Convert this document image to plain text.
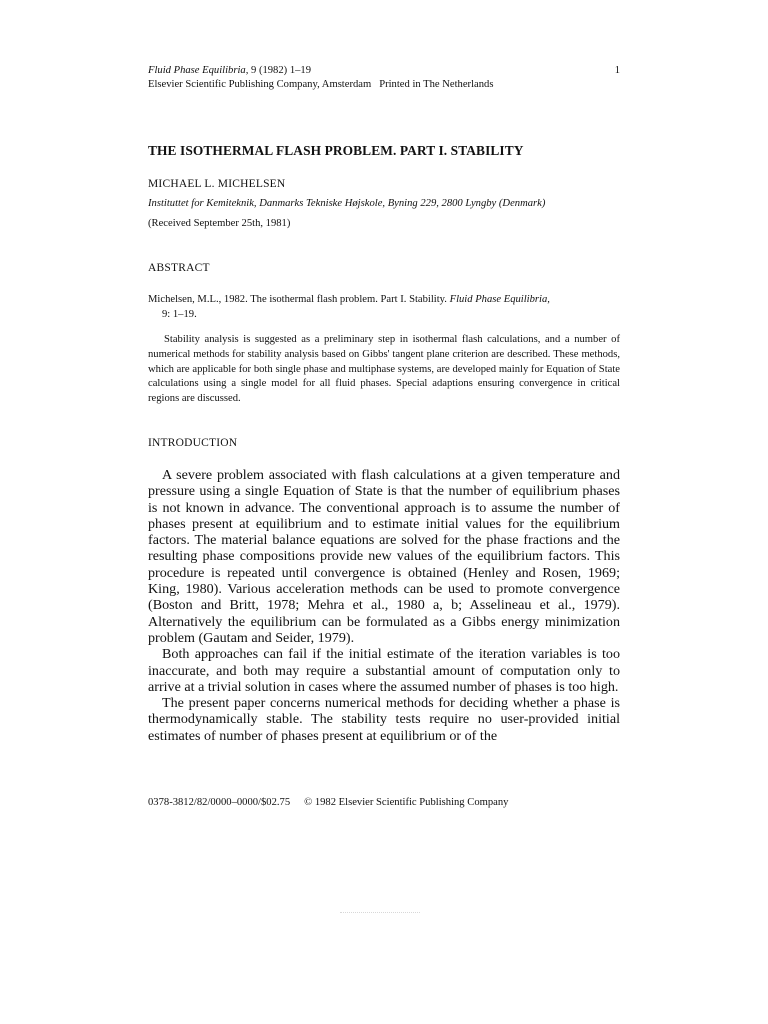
Fluid Phase Equilibria, 9 (1982) 1–19
Elsevier Scientific Publishing Company, Amsterdam Printed in The Netherlands
1
THE ISOTHERMAL FLASH PROBLEM. PART I. STABILITY
MICHAEL L. MICHELSEN
Instituttet for Kemiteknik, Danmarks Tekniske Højskole, Byning 229, 2800 Lyngby (Denmark)
(Received September 25th, 1981)
ABSTRACT
Michelsen, M.L., 1982. The isothermal flash problem. Part I. Stability. Fluid Phase Equilibria,
9: 1–19.
Stability analysis is suggested as a preliminary step in isothermal flash calculations, and a number of numerical methods for stability analysis based on Gibbs' tangent plane criterion are described. These methods, which are applicable for both single phase and multiphase systems, are developed mainly for Equation of State calculations using a single model for all fluid phases. Special adaptions ensuring convergence in critical regions are discussed.
INTRODUCTION

A severe problem associated with flash calculations at a given temperature and pressure using a single Equation of State is that the number of equilibrium phases is not known in advance. The conventional approach is to assume the number of phases present at equilibrium and to estimate initial values for the equilibrium factors. The material balance equations are solved for the phase fractions and the resulting phase compositions provide new values of the equilibrium factors. This procedure is repeated until convergence is obtained (Henley and Rosen, 1969; King, 1980). Various acceleration methods can be used to promote convergence (Boston and Britt, 1978; Mehra et al., 1980 a, b; Asselineau et al., 1979). Alternatively the equilibrium can be formulated as a Gibbs energy minimization problem (Gautam and Seider, 1979).

Both approaches can fail if the initial estimate of the iteration variables is too inaccurate, and both may require a substantial amount of computation only to arrive at a trivial solution in cases where the assumed number of phases is too high.

The present paper concerns numerical methods for deciding whether a phase is thermodynamically stable. The stability tests require no user-provided initial estimates of number of phases present at equilibrium or of the

0378-3812/82/0000–0000/$02.75 © 1982 Elsevier Scientific Publishing Company
